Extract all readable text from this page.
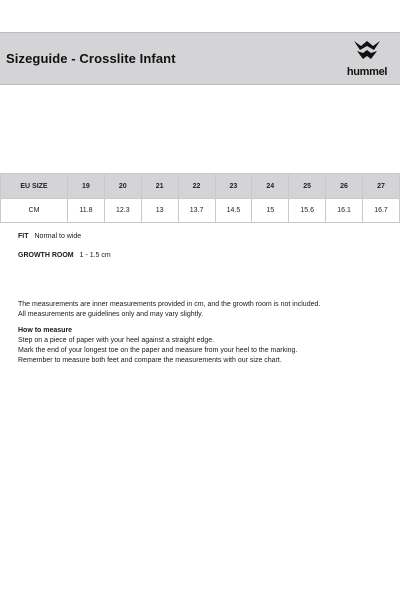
Sizeguide - Crosslite Infant
hummel
EU SIZE	19	20	21	22	23	24	25	26	27
CM	11.8	12.3	13	13.7	14.5	15	15.6	16.1	16.7
FIT Normal to wide
GROWTH ROOM 1 - 1.5 cm

The measurements are inner measurements provided in cm, and the growth room is not included.

All measurements are guidelines only and may vary slightly.

How to measure

Step on a piece of paper with your heel against a straight edge.

Mark the end of your longest toe on the paper and measure from your heel to the marking.

Remember to measure both feet and compare the measurements with our size chart.
